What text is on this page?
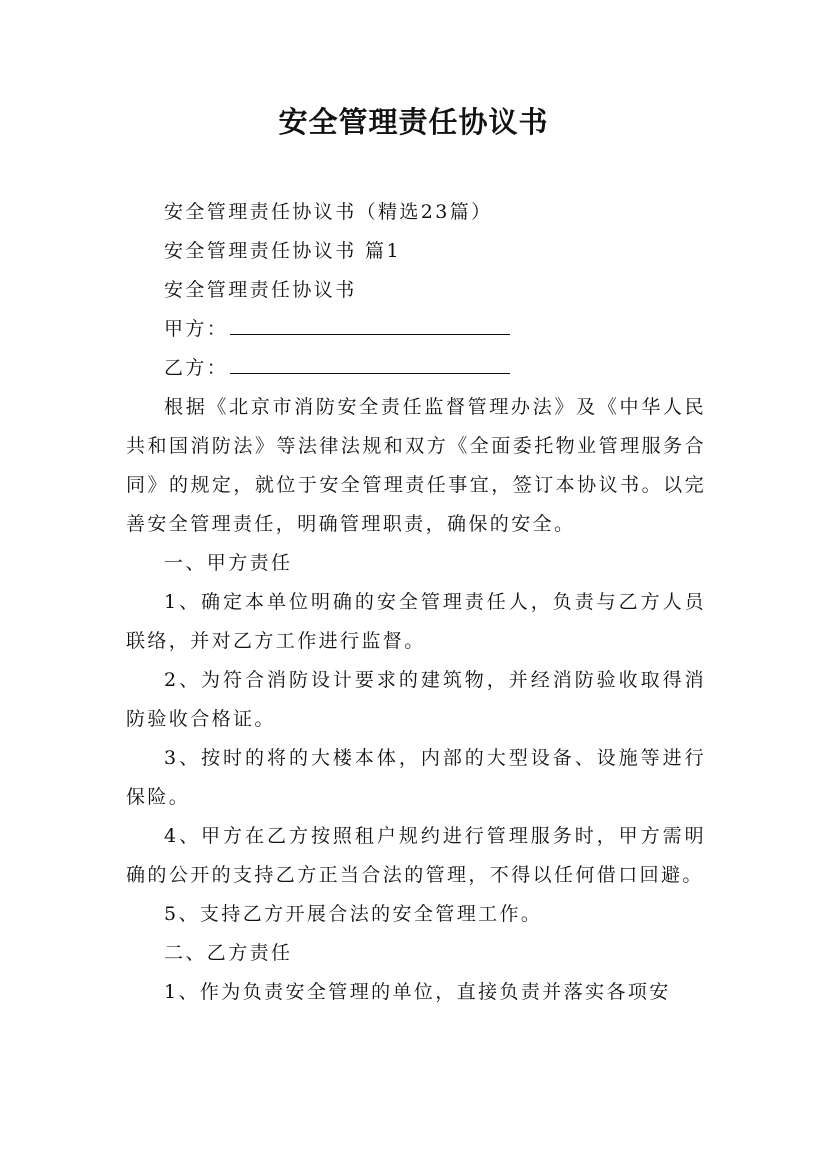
安全管理责任协议书

安全管理责任协议书（精选23篇）

安全管理责任协议书 篇1

安全管理责任协议书

甲方：

乙方：

根据《北京市消防安全责任监督管理办法》及《中华人民共和国消防法》等法律法规和双方《全面委托物业管理服务合同》的规定，就位于安全管理责任事宜，签订本协议书。以完善安全管理责任，明确管理职责，确保的安全。

一、甲方责任

1、确定本单位明确的安全管理责任人，负责与乙方人员联络，并对乙方工作进行监督。

2、为符合消防设计要求的建筑物，并经消防验收取得消防验收合格证。

3、按时的将的大楼本体，内部的大型设备、设施等进行保险。

4、甲方在乙方按照租户规约进行管理服务时，甲方需明确的公开的支持乙方正当合法的管理，不得以任何借口回避。

5、支持乙方开展合法的安全管理工作。

二、乙方责任

1、作为负责安全管理的单位，直接负责并落实各项安
